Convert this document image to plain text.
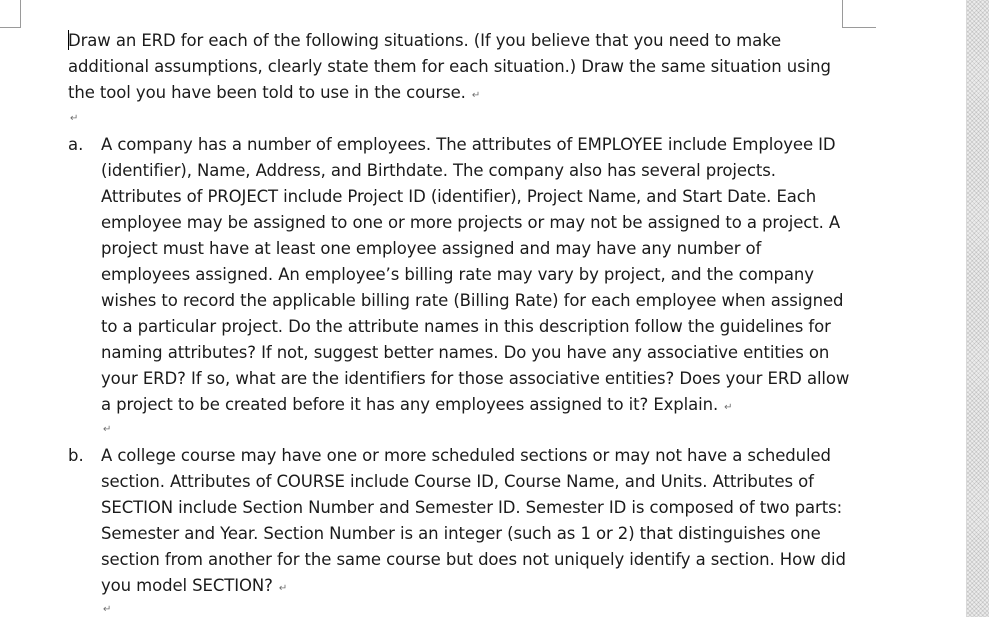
Draw an ERD for each of the following situations. (If you believe that you need to make additional assumptions, clearly state them for each situation.) Draw the same situation using the tool you have been told to use in the course. ↵

↵
a. A company has a number of employees. The attributes of EMPLOYEE include Employee ID (identifier), Name, Address, and Birthdate. The company also has several projects. Attributes of PROJECT include Project ID (identifier), Project Name, and Start Date. Each employee may be assigned to one or more projects or may not be assigned to a project. A project must have at least one employee assigned and may have any number of employees assigned. An employee’s billing rate may vary by project, and the company wishes to record the applicable billing rate (Billing Rate) for each employee when assigned to a particular project. Do the attribute names in this description follow the guidelines for naming attributes? If not, suggest better names. Do you have any associative entities on your ERD? If so, what are the identifiers for those associative entities? Does your ERD allow a project to be created before it has any employees assigned to it? Explain. ↵

↵
b. A college course may have one or more scheduled sections or may not have a scheduled section. Attributes of COURSE include Course ID, Course Name, and Units. Attributes of SECTION include Section Number and Semester ID. Semester ID is composed of two parts: Semester and Year. Section Number is an integer (such as 1 or 2) that distinguishes one section from another for the same course but does not uniquely identify a section. How did you model SECTION? ↵

↵
